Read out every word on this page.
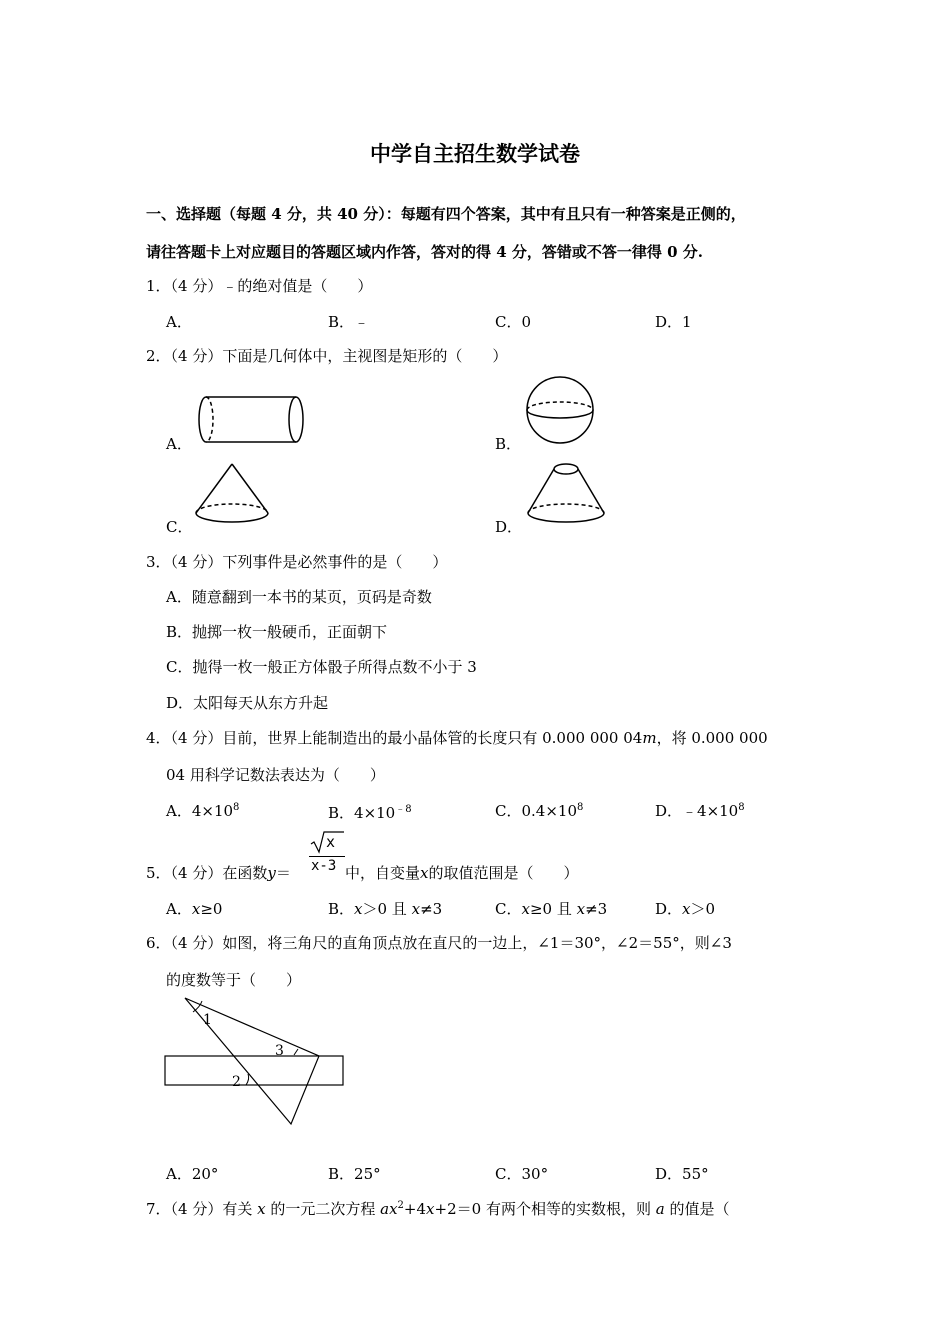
中学自主招生数学试卷
一、选择题（每题 4 分，共 40 分）：每题有四个答案，其中有且只有一种答案是正侧的，
请往答题卡上对应题目的答题区域内作答，答对的得 4 分，答错或不答一律得 0 分.
1．（4 分）﹣的绝对值是（　　）
A．	B．﹣	C．0	D．1
2．（4 分）下面是几何体中，主视图是矩形的（　　）
A．	B．
C．	D．
3．（4 分）下列事件是必然事件的是（　　）
A．随意翻到一本书的某页，页码是奇数
B．抛掷一枚一般硬币，正面朝下
C．抛得一枚一般正方体骰子所得点数不小于 3
D．太阳每天从东方升起
4．（4 分）目前，世界上能制造出的最小晶体管的长度只有 0.000 000 04m，将 0.000 000
04 用科学记数法表达为（　　）
A．$4\times 10^8$	B．$4\times 10^{﹣8}$	C．$0.4\times 10^8$	D．$﹣4\times 10^8$
5．（4 分）在函数y＝
x
x-3 中，自变量x的取值范围是（　　）
A．x≥0	B．x＞0 且 x≠3	C．x≥0 且 x≠3	D．x＞0
6．（4 分）如图，将三角尺的直角顶点放在直尺的一边上，∠1＝30°，∠2＝55°，则∠3
的度数等于（　　）
1
3
2
A．20°	B．25°	C．30°	D．55°
7．（4 分）有关 x 的一元二次方程 $ax^2+4x+2=0$ 有两个相等的实数根，则 a 的值是（
